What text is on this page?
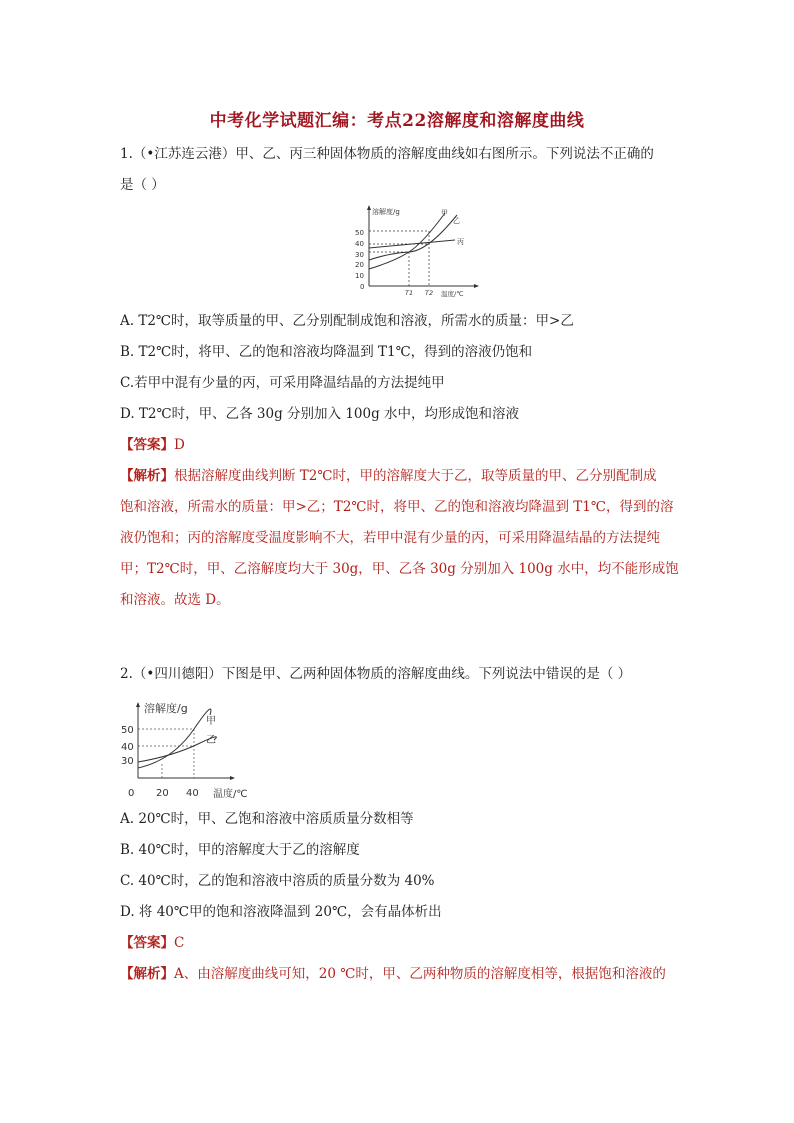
中考化学试题汇编：考点22溶解度和溶解度曲线
1.（•江苏连云港）甲、乙、丙三种固体物质的溶解度曲线如右图所示。下列说法不正确的
是（ ）
溶解度/g
50
40
30
20
10
0
甲
乙
丙
T1 T2 温度/℃
A. T2℃时，取等质量的甲、乙分别配制成饱和溶液，所需水的质量：甲>乙
B. T2℃时，将甲、乙的饱和溶液均降温到 T1℃，得到的溶液仍饱和
C.若甲中混有少量的丙，可采用降温结晶的方法提纯甲
D. T2℃时，甲、乙各 30g 分别加入 100g 水中，均形成饱和溶液
【答案】D
【解析】根据溶解度曲线判断 T2℃时，甲的溶解度大于乙，取等质量的甲、乙分别配制成
饱和溶液，所需水的质量：甲>乙；T2℃时，将甲、乙的饱和溶液均降温到 T1℃，得到的溶
液仍饱和；丙的溶解度受温度影响不大，若甲中混有少量的丙，可采用降温结晶的方法提纯
甲；T2℃时，甲、乙溶解度均大于 30g，甲、乙各 30g 分别加入 100g 水中，均不能形成饱
和溶液。故选 D。
2.（•四川德阳）下图是甲、乙两种固体物质的溶解度曲线。下列说法中错误的是（ ）
溶解度/g
50
40
30
0 20 40
甲
乙
温度/℃
A. 20℃时，甲、乙饱和溶液中溶质质量分数相等
B. 40℃时，甲的溶解度大于乙的溶解度
C. 40℃时，乙的饱和溶液中溶质的质量分数为 40%
D. 将 40℃甲的饱和溶液降温到 20℃，会有晶体析出
【答案】C
【解析】A、由溶解度曲线可知，20 ℃时，甲、乙两种物质的溶解度相等，根据饱和溶液的
